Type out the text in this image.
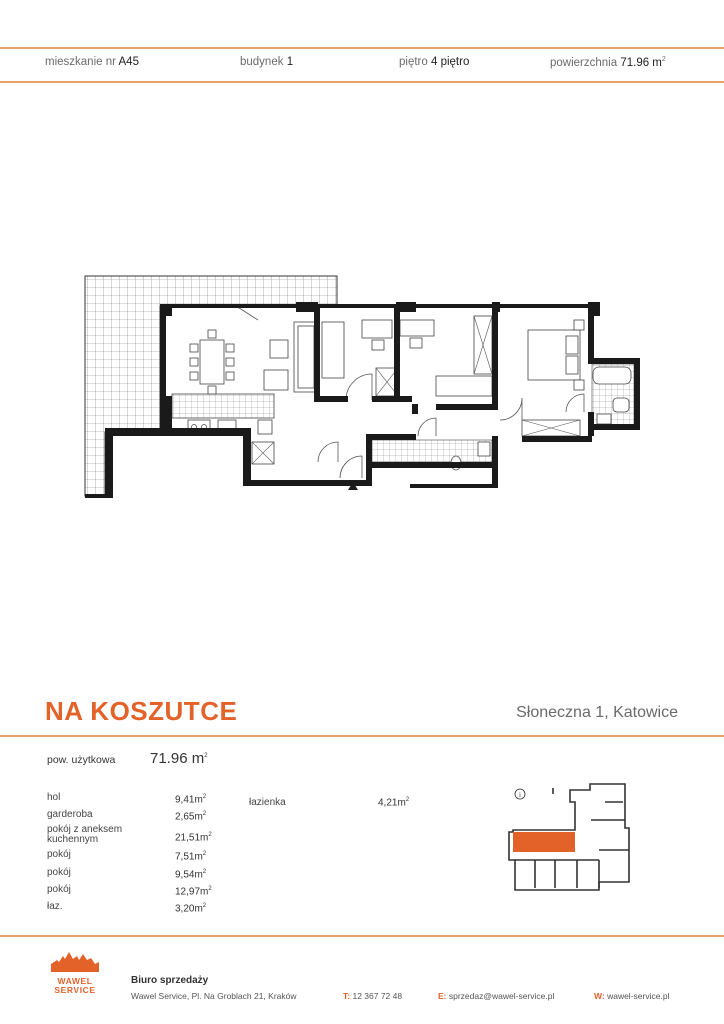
mieszkanie nr A45	budynek 1	piętro 4 piętro	powierzchnia 71.96 $m^2$
NA KOSZUTCE	Słoneczna 1, Katowice
pow. użytkowa 71.96 $m^2$
hol	$9,41m^2$
garderoba	$2,65m^2$
pokój z aneksem kuchennym	$21,51m^2$
pokój	$7,51m^2$
pokój	$9,54m^2$
pokój	$12,97m^2$
łaz.	$3,20m^2$
łazienka	$4,21m^2$
i
WAWEL
SERVICE
Biuro sprzedaży
Wawel Service, Pl. Na Groblach 21, Kraków	T: 12 367 72 48	E: sprzedaz@wawel-service.pl	W: wawel-service.pl
